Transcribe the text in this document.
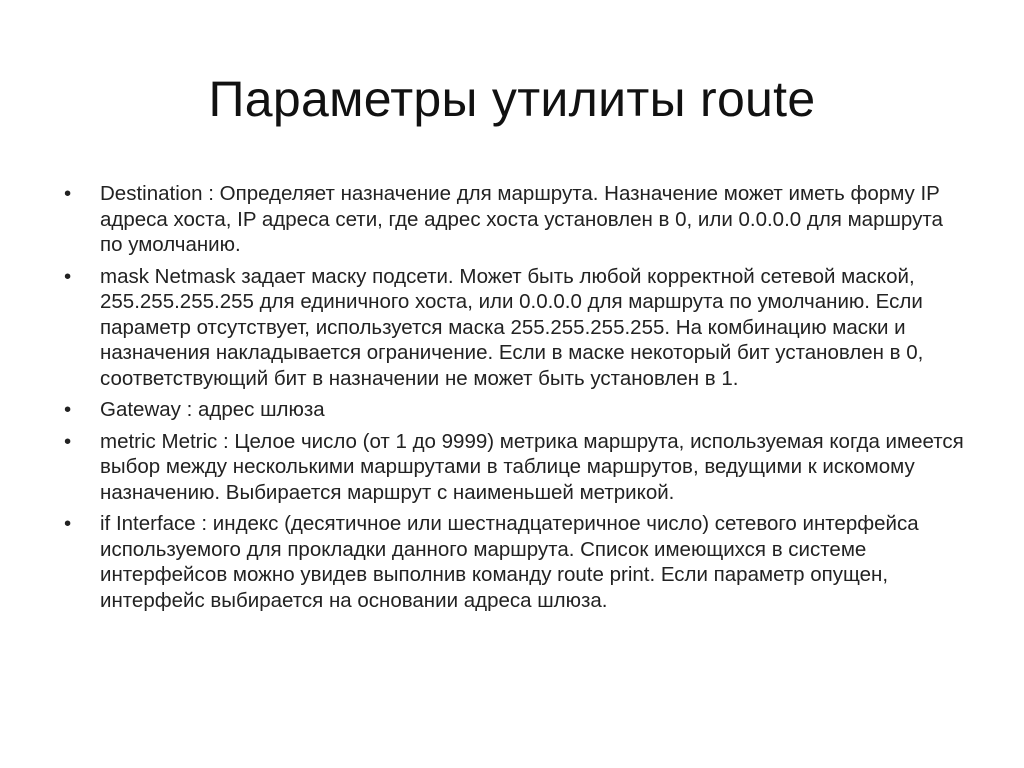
Параметры утилиты route
•	Destination : Определяет назначение для маршрута. Назначение может иметь форму IP адреса хоста, IP адреса сети, где адрес хоста установлен в 0, или 0.0.0.0 для маршрута по умолчанию.
•	mask Netmask задает маску подсети. Может быть любой корректной сетевой маской, 255.255.255.255 для единичного хоста, или 0.0.0.0 для маршрута по умолчанию. Если параметр отсутствует, используется маска 255.255.255.255. На комбинацию маски и назначения накладывается ограничение. Если в маске некоторый бит установлен в 0, соответствующий бит в назначении не может быть установлен в 1.
•	Gateway : адрес шлюза
•	metric Metric : Целое число (от 1 до 9999) метрика маршрута, используемая когда имеется выбор между несколькими маршрутами в таблице маршрутов, ведущими к искомому назначению. Выбирается маршрут с наименьшей метрикой.
•	if Interface : индекс (десятичное или шестнадцатеричное число) сетевого интерфейса используемого для прокладки данного маршрута. Список имеющихся в системе интерфейсов можно увидев выполнив команду route print. Если параметр опущен, интерфейс выбирается на основании адреса шлюза.
